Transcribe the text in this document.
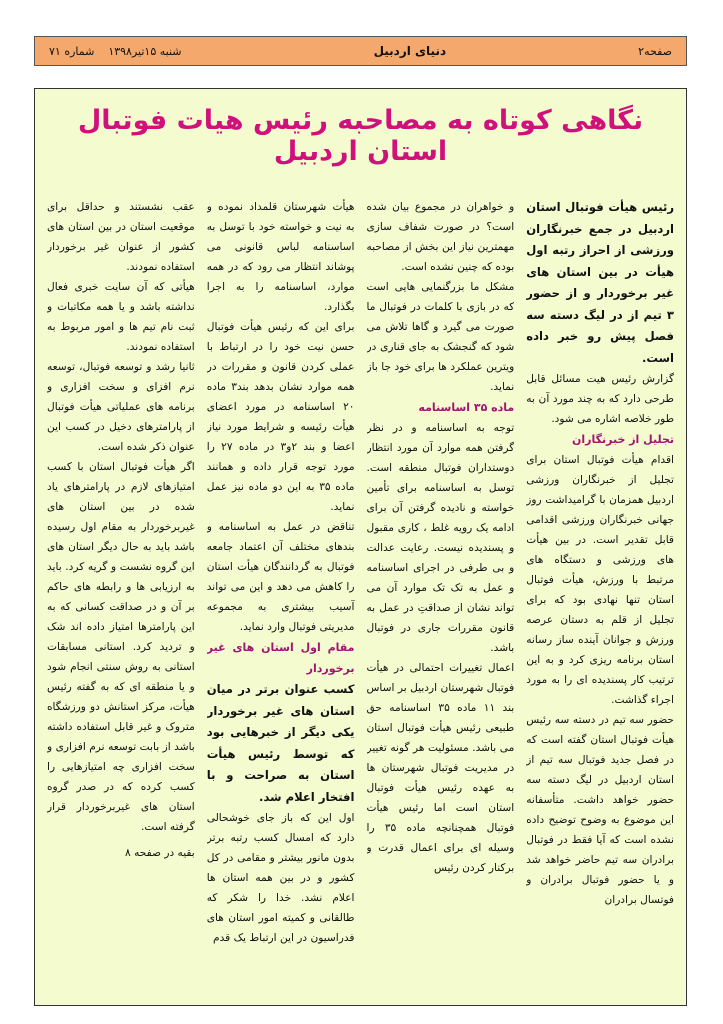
صفحه۲
دنیای اردبیل
شنبه ۱۵تیر۱۳۹۸
شماره ۷۱
نگاهی کوتاه به مصاحبه رئیس هیات فوتبال استان اردبیل

رئیس هیأت فوتبال استان اردبیل در جمع خبرنگاران ورزشی از احراز رتبه اول هیأت در بین استان های غیر برخوردار و از حضور ۳ تیم از در لیگ دسته سه فصل پیش رو خبر داده است.

گزارش رئیس هیت مسائل قابل طرحی دارد که به چند مورد آن به طور خلاصه اشاره می شود.

تجلیل از خبرنگاران

اقدام هیأت فوتبال استان برای تجلیل از خبرنگاران ورزشی اردبیل همزمان با گرامیداشت روز جهانی خبرنگاران ورزشی اقدامی قابل تقدیر است. در بین هیأت های ورزشی و دستگاه های مرتبط با ورزش، هیأت فوتبال استان تنها نهادی بود که برای تجلیل از قلم به دستان عرصه ورزش و جوانان آینده ساز رسانه استان برنامه ریزی کرد و به این ترتیب کار پسندیده ای را به مورد اجراء گذاشت.

حضور سه تیم در دسته سه رئیس هیأت فوتبال استان گفته است که در فصل جدید فوتبال سه تیم از استان اردبیل در لیگ دسته سه حضور خواهد داشت. متأسفانه این موضوع به وضوح توضیح داده نشده است که آیا فقط در فوتبال برادران سه تیم حاضر خواهد شد و یا حضور فوتبال برادران و فوتسال برادران

و خواهران در مجموع بیان شده است؟ در صورت شفاف سازی مهمترین نیاز این بخش از مصاحبه بوده که چنین نشده است.

مشکل ما بزرگنمایی هایی است که در بازی با کلمات در فوتبال ما صورت می گیرد و گاها تلاش می شود که گنجشک به جای قناری در ویترین عملکرد ها برای خود جا باز نماید.

ماده ۳۵ اساسنامه

توجه به اساسنامه و در نظر گرفتن همه موارد آن مورد انتظار دوستداران فوتبال منطقه است. توسل به اساسنامه برای تأمین خواسته و نادیده گرفتن آن برای ادامه یک رویه غلط ، کاری مقبول و پسندیده نیست. رعایت عدالت و بی طرفی در اجرای اساسنامه و عمل به تک تک موارد آن می تواند نشان از صداقتِ در عمل به قانون مقررات جاری در فوتبال باشد.

اعمال تغییرات احتمالی در هیأت فوتبال شهرستان اردبیل بر اساس بند ۱۱ ماده ۳۵ اساسنامه حق طبیعی رئیس هیأت فوتبال استان می باشد. مسئولیت هر گونه تغییر در مدیریت فوتبال شهرستان ها به عهده رئیس هیأت فوتبال استان است اما رئیس هیأت فوتبال همچنانچه ماده ۳۵ را وسیله ای برای اعمال قدرت و برکنار کردن رئیس

هیأت شهرستان قلمداد نموده و به نیت و خواسته خود با توسل به اساسنامه لباس قانونی می پوشاند انتظار می رود که در همه موارد، اساسنامه را به اجرا بگذارد.

برای این که رئیس هیأت فوتبال حسن نیت خود را در ارتباط با عملی کردن قانون و مقررات در همه موارد نشان بدهد بند۳ ماده ۲۰ اساسنامه در مورد اعضای هیأت رئیسه و شرایط مورد نیاز اعضا و بند ۲و۳ در ماده ۲۷ را مورد توجه قرار داده و همانند ماده ۳۵ به این دو ماده نیز عمل نماید.

تناقض در عمل به اساسنامه و بندهای مختلف آن اعتماد جامعه فوتبال به گردانندگان هیأت استان را کاهش می دهد و این می تواند آسیب بیشتری به مجموعه مدیریتی فوتبال وارد نماید.

مقام اول استان های غیر برخوردار

کسب عنوان برتر در میان استان های غیر برخوردار یکی دیگر از خبرهایی بود که توسط رئیس هیأت استان به صراحت و با افتخار اعلام شد.

اول این که باز جای خوشحالی دارد که امسال کسب رتبه برتر بدون مانور بیشتر و مقامی در کل کشور و در بین همه استان ها اعلام نشد. خدا را شکر که طالقانی و کمیته امور استان های فدراسیون در این ارتباط یک قدم

عقب نشستند و حداقل برای موقعیت استان در بین استان های کشور از عنوان غیر برخوردار استفاده نمودند.

هیأتی که آن سایت خبری فعال نداشته باشد و یا همه مکاتبات و ثبت نام تیم ها و امور مربوط به استفاده نمودند.

ثانیا رشد و توسعه فوتبال، توسعه نرم افزای و سخت افزاری و برنامه های عملیاتی هیأت فوتبال از پارامترهای دخیل در کسب این عنوان ذکر شده است.

اگر هیأت فوتبال استان با کسب امتیازهای لازم در پارامترهای یاد شده در بین استان های غیربرخوردار به مقام اول رسیده باشد باید به حال دیگر استان های این گروه نشست و گریه کرد. باید به ارزیابی ها و رابطه های حاکم بر آن و در صداقت کسانی که به این پارامترها امتیاز داده اند شک و تردید کرد. استانی مسابقات استانی به روش سنتی انجام شود و یا منطقه ای که به گفته رئیس هیأت، مرکز استانش دو ورزشگاه متروک و غیر قابل استفاده داشته باشد از بابت توسعه نرم افزاری و سخت افزاری چه امتیازهایی را کسب کرده که در صدر گروه استان های غیربرخوردار قرار گرفته است.

بقیه در صفحه ۸
